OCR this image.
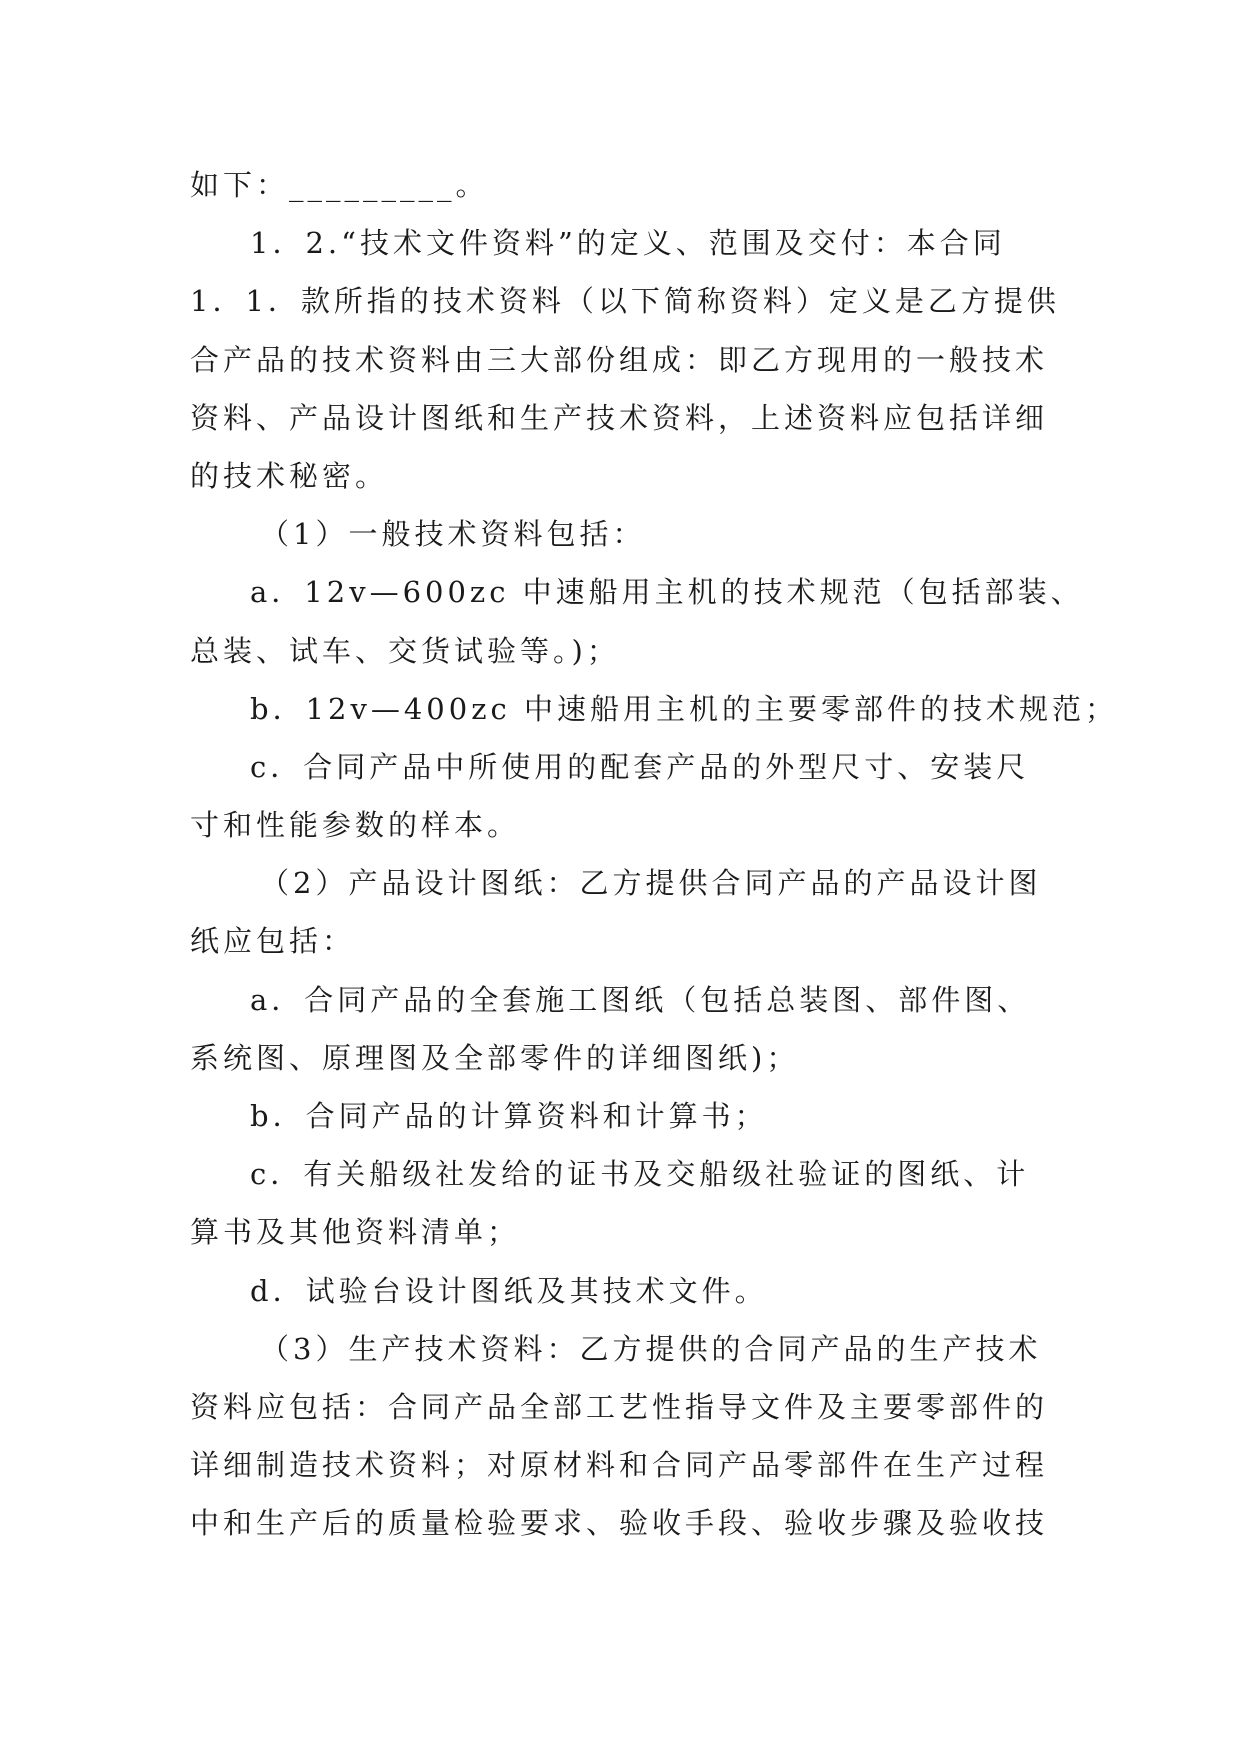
如下：_________。
1．2.“技术文件资料”的定义、范围及交付：本合同
1．1．款所指的技术资料（以下简称资料）定义是乙方提供
合产品的技术资料由三大部份组成：即乙方现用的一般技术
资料、产品设计图纸和生产技术资料，上述资料应包括详细
的技术秘密。
（1）一般技术资料包括：
a．12v—600zc 中速船用主机的技术规范（包括部装、
总装、试车、交货试验等。)；
b．12v—400zc 中速船用主机的主要零部件的技术规范；
c．合同产品中所使用的配套产品的外型尺寸、安装尺
寸和性能参数的样本。
（2）产品设计图纸：乙方提供合同产品的产品设计图
纸应包括：
a．合同产品的全套施工图纸（包括总装图、部件图、
系统图、原理图及全部零件的详细图纸)；
b．合同产品的计算资料和计算书；
c．有关船级社发给的证书及交船级社验证的图纸、计
算书及其他资料清单；
d．试验台设计图纸及其技术文件。
（3）生产技术资料：乙方提供的合同产品的生产技术
资料应包括：合同产品全部工艺性指导文件及主要零部件的
详细制造技术资料；对原材料和合同产品零部件在生产过程
中和生产后的质量检验要求、验收手段、验收步骤及验收技
